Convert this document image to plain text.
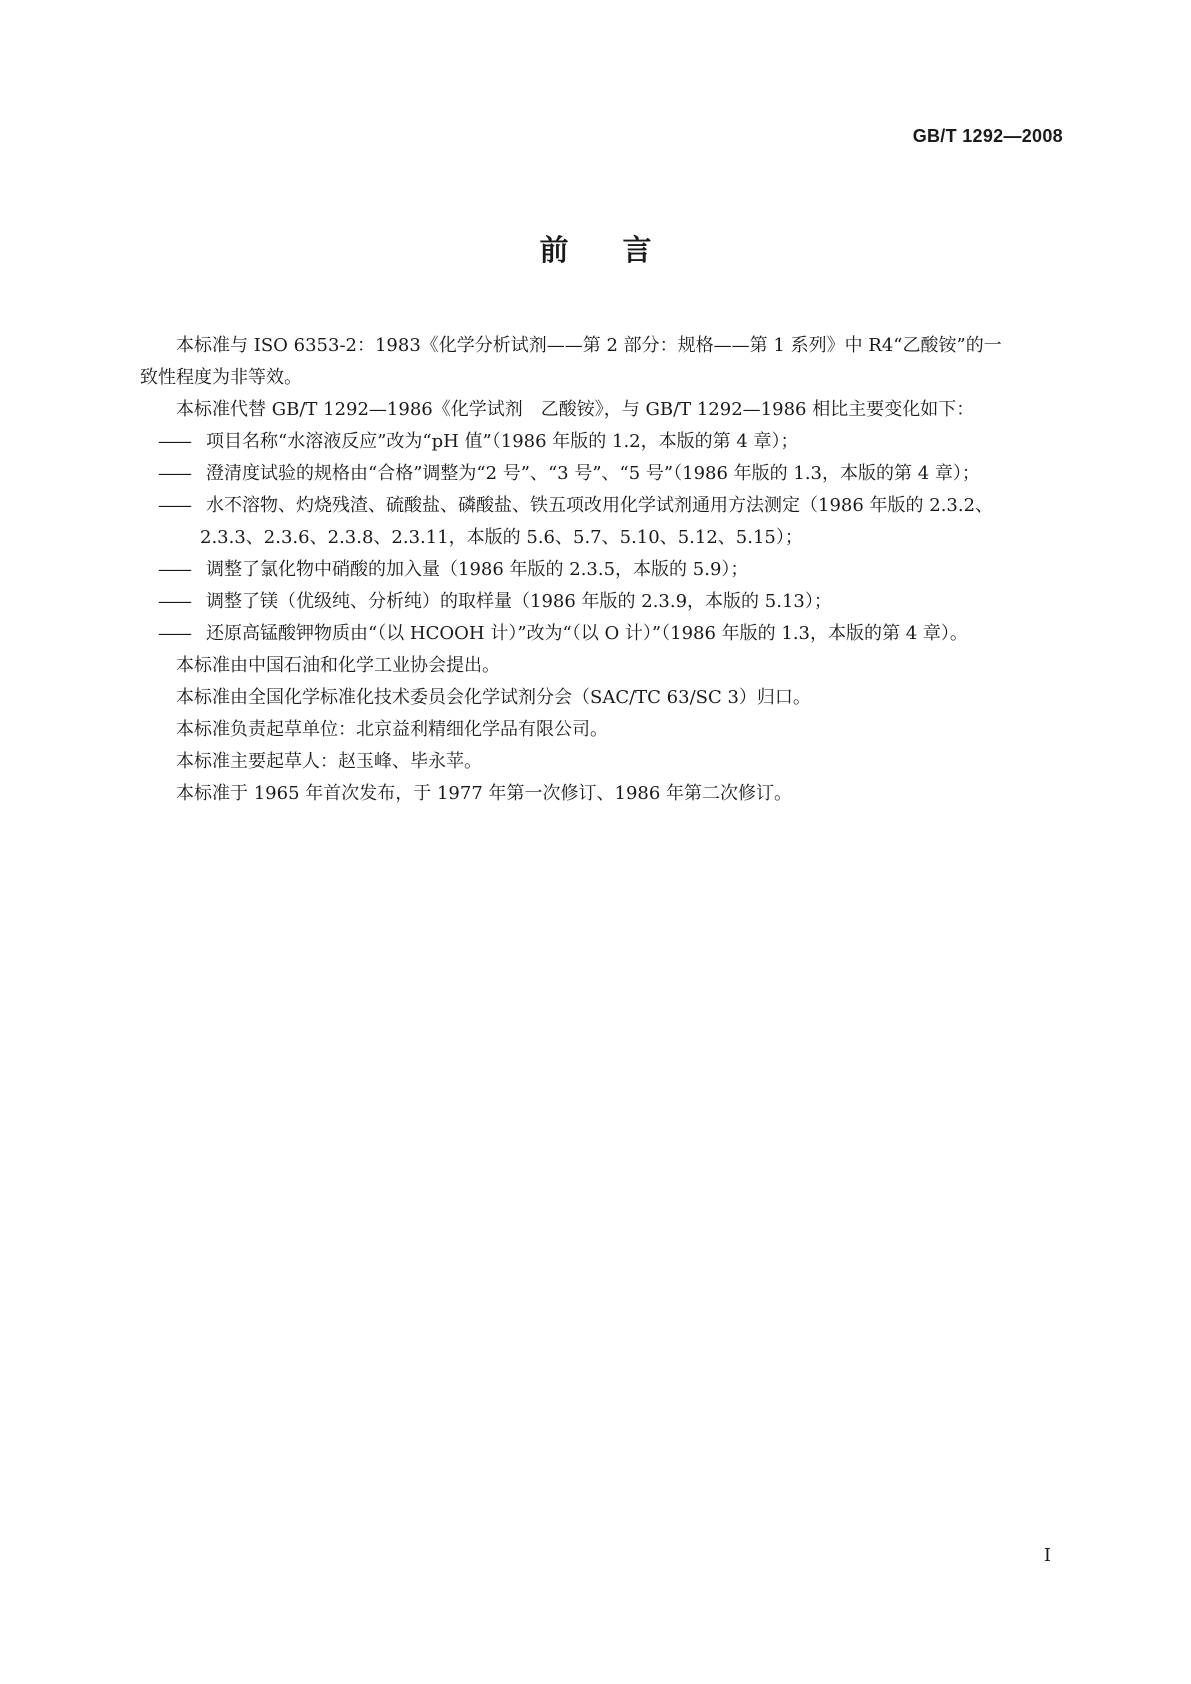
GB/T 1292—2008
前言

本标准与 ISO 6353-2：1983《化学分析试剂——第 2 部分：规格——第 1 系列》中 R4“乙酸铵”的一
致性程度为非等效。

本标准代替 GB/T 1292—1986《化学试剂　乙酸铵》，与 GB/T 1292—1986 相比主要变化如下：

—— 项目名称“水溶液反应”改为“pH 值”（1986 年版的 1.2，本版的第 4 章）；

—— 澄清度试验的规格由“合格”调整为“2 号”、“3 号”、“5 号”（1986 年版的 1.3，本版的第 4 章）；

—— 水不溶物、灼烧残渣、硫酸盐、磷酸盐、铁五项改用化学试剂通用方法测定（1986 年版的 2.3.2、
2.3.3、2.3.6、2.3.8、2.3.11，本版的 5.6、5.7、5.10、5.12、5.15）；

—— 调整了氯化物中硝酸的加入量（1986 年版的 2.3.5，本版的 5.9）；

—— 调整了镁（优级纯、分析纯）的取样量（1986 年版的 2.3.9，本版的 5.13）；

—— 还原高锰酸钾物质由“（以 HCOOH 计）”改为“（以 O 计）”（1986 年版的 1.3，本版的第 4 章）。

本标准由中国石油和化学工业协会提出。

本标准由全国化学标准化技术委员会化学试剂分会（SAC/TC 63/SC 3）归口。

本标准负责起草单位：北京益利精细化学品有限公司。

本标准主要起草人：赵玉峰、毕永苹。

本标准于 1965 年首次发布，于 1977 年第一次修订、1986 年第二次修订。

I
